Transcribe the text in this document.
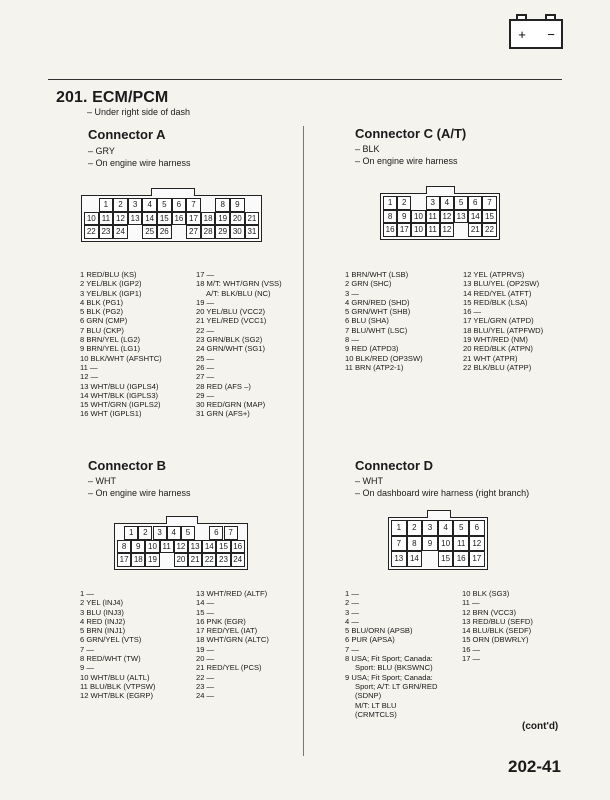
+ −
201. ECM/PCM
– Under right side of dash
Connector A
– GRY
– On engine wire harness
1	2	3	4	5	6	7	8	9
10 11 12 13 14 15 16 17 18 19 20 21
22 23 24	25 26	27 28 29 30 31
1 RED/BLU (KS)
2 YEL/BLK (IGP2)
3 YEL/BLK (IGP1)
4 BLK (PG1)
5 BLK (PG2)
6 GRN (CMP)
7 BLU (CKP)
8 BRN/YEL (LG2)
9 BRN/YEL (LG1)
10 BLK/WHT (AFSHTC)
11 —
12 —
13 WHT/BLU (IGPLS4)
14 WHT/BLK (IGPLS3)
15 WHT/GRN (IGPLS2)
16 WHT (IGPLS1)
17 —
18 M/T: WHT/GRN (VSS)
A/T: BLK/BLU (NC)
19 —
20 YEL/BLU (VCC2)
21 YEL/RED (VCC1)
22 —
23 GRN/BLK (SG2)
24 GRN/WHT (SG1)
25 —
26 —
27 —
28 RED (AFS –)
29 —
30 RED/GRN (MAP)
31 GRN (AFS+)
Connector C (A/T)
– BLK
– On engine wire harness
1	2	3	4	5	6	7
8	9 10 11 12 13 14 15
16 17 10 11 12	21 22
1 BRN/WHT (LSB)
2 GRN (SHC)
3 —
4 GRN/RED (SHD)
5 GRN/WHT (SHB)
6 BLU (SHA)
7 BLU/WHT (LSC)
8 —
9 RED (ATPD3)
10 BLK/RED (OP3SW)
11 BRN (ATP2-1)
12 YEL (ATPRVS)
13 BLU/YEL (OP2SW)
14 RED/YEL (ATFT)
15 RED/BLK (LSA)
16 —
17 YEL/GRN (ATPD)
18 BLU/YEL (ATPFWD)
19 WHT/RED (NM)
20 RED/BLK (ATPN)
21 WHT (ATPR)
22 BLK/BLU (ATPP)
Connector B
– WHT
– On engine wire harness
1	2	3	4	5	6	7
8	9 10 11 12 13 14 15 16
17 18 19	20 21 22 23 24
1 —
2 YEL (INJ4)
3 BLU (INJ3)
4 RED (INJ2)
5 BRN (INJ1)
6 GRN/YEL (VTS)
7 —
8 RED/WHT (TW)
9 —
10 WHT/BLU (ALTL)
11 BLU/BLK (VTPSW)
12 WHT/BLK (EGRP)
13 WHT/RED (ALTF)
14 —
15 —
16 PNK (EGR)
17 RED/YEL (IAT)
18 WHT/GRN (ALTC)
19 —
20 —
21 RED/YEL (PCS)
22 —
23 —
24 —
Connector D
– WHT
– On dashboard wire harness (right branch)
1	2	3	4	5	6
7	8	9	10 11 12
13 14	15 16 17
1 —
2 —
3 —
4 —
5 BLU/ORN (APSB)
6 PUR (APSA)
7 —
8 USA; Fit Sport; Canada:
Sport: BLU (BKSWNC)
9 USA; Fit Sport; Canada:
Sport; A/T: LT GRN/RED
(SDNP)
M/T: LT BLU
(CRMTCLS)
10 BLK (SG3)
11 —
12 BRN (VCC3)
13 RED/BLU (SEFD)
14 BLU/BLK (SEDF)
15 ORN (DBWRLY)
16 —
17 —
(cont'd)
202-41
